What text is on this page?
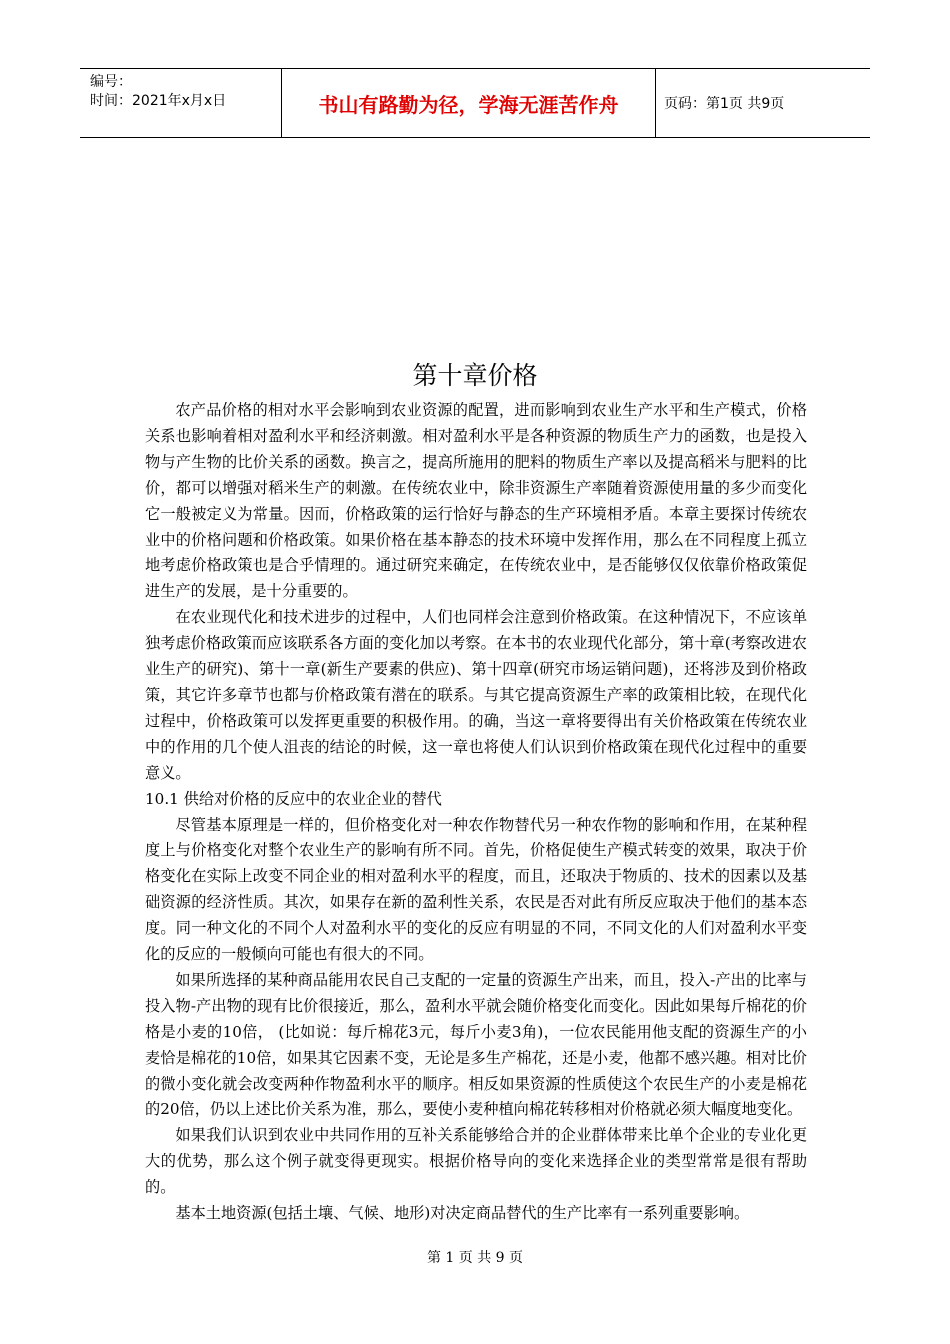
编号：
时间：2021年x月x日	书山有路勤为径，学海无涯苦作舟	页码：第1页 共9页
第十章价格

农产品价格的相对水平会影响到农业资源的配置，进而影响到农业生产水平和生产模式，价格关系也影响着相对盈利水平和经济刺激。相对盈利水平是各种资源的物质生产力的函数，也是投入物与产生物的比价关系的函数。换言之，提高所施用的肥料的物质生产率以及提高稻米与肥料的比价，都可以增强对稻米生产的刺激。在传统农业中，除非资源生产率随着资源使用量的多少而变化它一般被定义为常量。因而，价格政策的运行恰好与静态的生产环境相矛盾。本章主要探讨传统农业中的价格问题和价格政策。如果价格在基本静态的技术环境中发挥作用，那么在不同程度上孤立地考虑价格政策也是合乎情理的。通过研究来确定，在传统农业中，是否能够仅仅依靠价格政策促进生产的发展，是十分重要的。

在农业现代化和技术进步的过程中，人们也同样会注意到价格政策。在这种情况下，不应该单独考虑价格政策而应该联系各方面的变化加以考察。在本书的农业现代化部分，第十章(考察改进农业生产的研究)、第十一章(新生产要素的供应)、第十四章(研究市场运销问题)，还将涉及到价格政策，其它许多章节也都与价格政策有潜在的联系。与其它提高资源生产率的政策相比较，在现代化过程中，价格政策可以发挥更重要的积极作用。的确，当这一章将要得出有关价格政策在传统农业中的作用的几个使人沮丧的结论的时候，这一章也将使人们认识到价格政策在现代化过程中的重要意义。

10.1 供给对价格的反应中的农业企业的替代

尽管基本原理是一样的，但价格变化对一种农作物替代另一种农作物的影响和作用，在某种程度上与价格变化对整个农业生产的影响有所不同。首先，价格促使生产模式转变的效果，取决于价格变化在实际上改变不同企业的相对盈利水平的程度，而且，还取决于物质的、技术的因素以及基础资源的经济性质。其次，如果存在新的盈利性关系，农民是否对此有所反应取决于他们的基本态度。同一种文化的不同个人对盈利水平的变化的反应有明显的不同，不同文化的人们对盈利水平变化的反应的一般倾向可能也有很大的不同。

如果所选择的某种商品能用农民自己支配的一定量的资源生产出来，而且，投入-产出的比率与投入物-产出物的现有比价很接近，那么，盈利水平就会随价格变化而变化。因此如果每斤棉花的价格是小麦的10倍， (比如说：每斤棉花3元，每斤小麦3角)，一位农民能用他支配的资源生产的小麦恰是棉花的10倍，如果其它因素不变，无论是多生产棉花，还是小麦，他都不感兴趣。相对比价的微小变化就会改变两种作物盈利水平的顺序。相反如果资源的性质使这个农民生产的小麦是棉花的20倍，仍以上述比价关系为准，那么，要使小麦种植向棉花转移相对价格就必须大幅度地变化。

如果我们认识到农业中共同作用的互补关系能够给合并的企业群体带来比单个企业的专业化更大的优势，那么这个例子就变得更现实。根据价格导向的变化来选择企业的类型常常是很有帮助的。

基本土地资源(包括土壤、气候、地形)对决定商品替代的生产比率有一系列重要影响。

第 1 页 共 9 页
